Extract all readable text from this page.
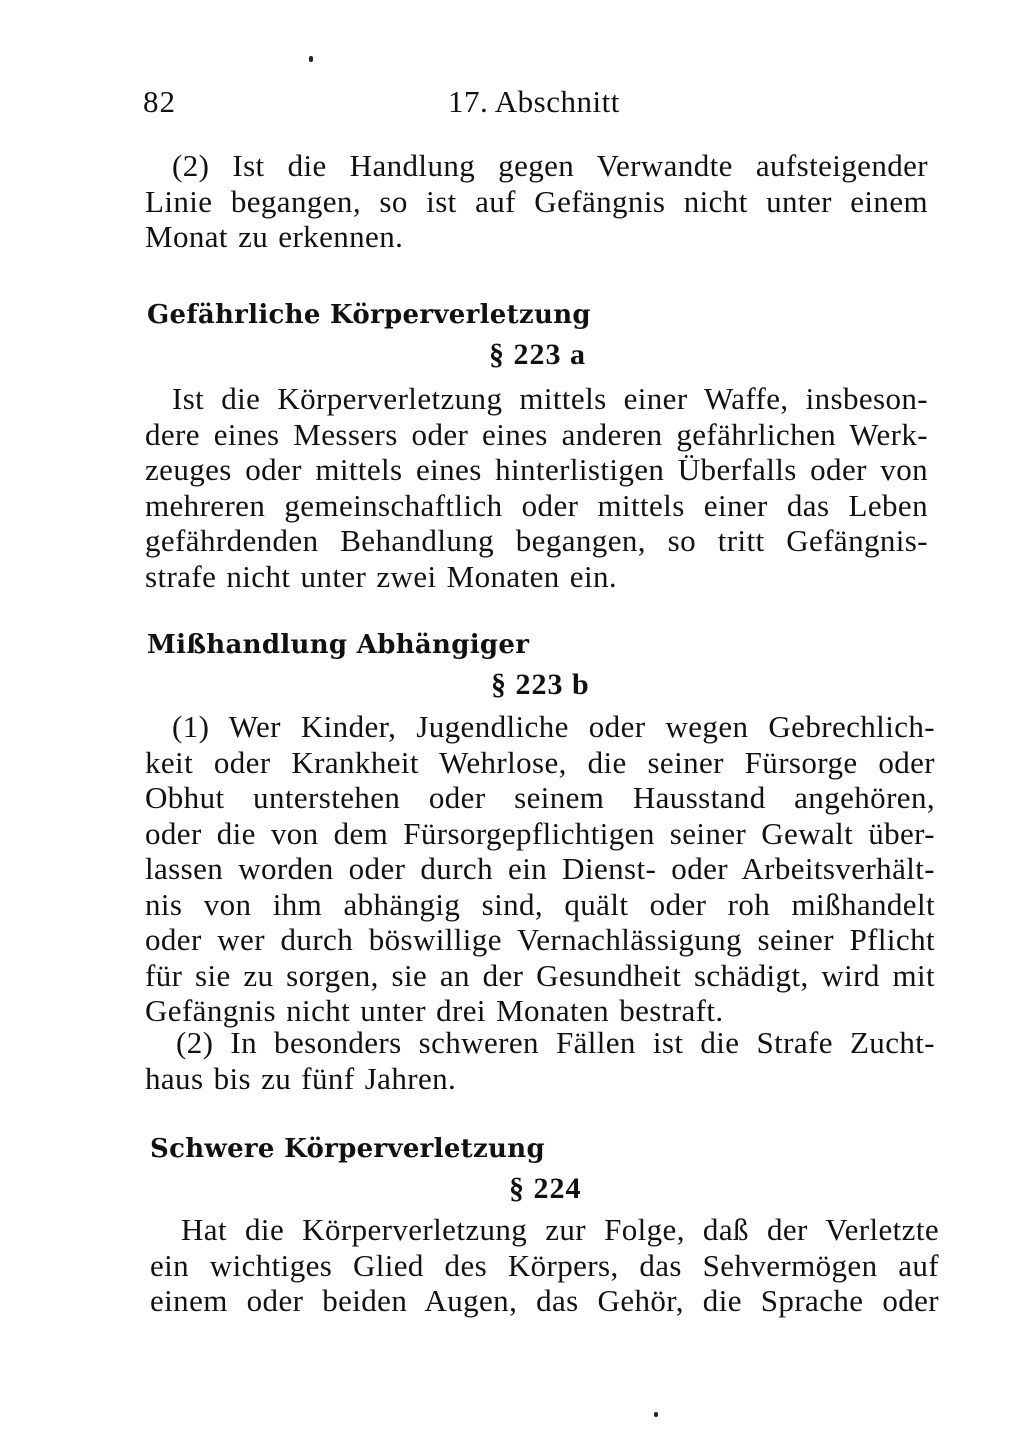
82	17. Abschnitt
(2) Ist die Handlung gegen Verwandte aufsteigender
Linie begangen, so ist auf Gefängnis nicht unter einem
Monat zu erkennen.
Gefährliche Körperverletzung
§ 223 a
Ist die Körperverletzung mittels einer Waffe, insbeson-
dere eines Messers oder eines anderen gefährlichen Werk-
zeuges oder mittels eines hinterlistigen Überfalls oder von
mehreren gemeinschaftlich oder mittels einer das Leben
gefährdenden Behandlung begangen, so tritt Gefängnis-
strafe nicht unter zwei Monaten ein.
Mißhandlung Abhängiger
§ 223 b
(1) Wer Kinder, Jugendliche oder wegen Gebrechlich-
keit oder Krankheit Wehrlose, die seiner Fürsorge oder
Obhut unterstehen oder seinem Hausstand angehören,
oder die von dem Fürsorgepflichtigen seiner Gewalt über-
lassen worden oder durch ein Dienst- oder Arbeitsverhält-
nis von ihm abhängig sind, quält oder roh mißhandelt
oder wer durch böswillige Vernachlässigung seiner Pflicht
für sie zu sorgen, sie an der Gesundheit schädigt, wird mit
Gefängnis nicht unter drei Monaten bestraft.
(2) In besonders schweren Fällen ist die Strafe Zucht-
haus bis zu fünf Jahren.
Schwere Körperverletzung
§ 224
Hat die Körperverletzung zur Folge, daß der Verletzte
ein wichtiges Glied des Körpers, das Sehvermögen auf
einem oder beiden Augen, das Gehör, die Sprache oder
